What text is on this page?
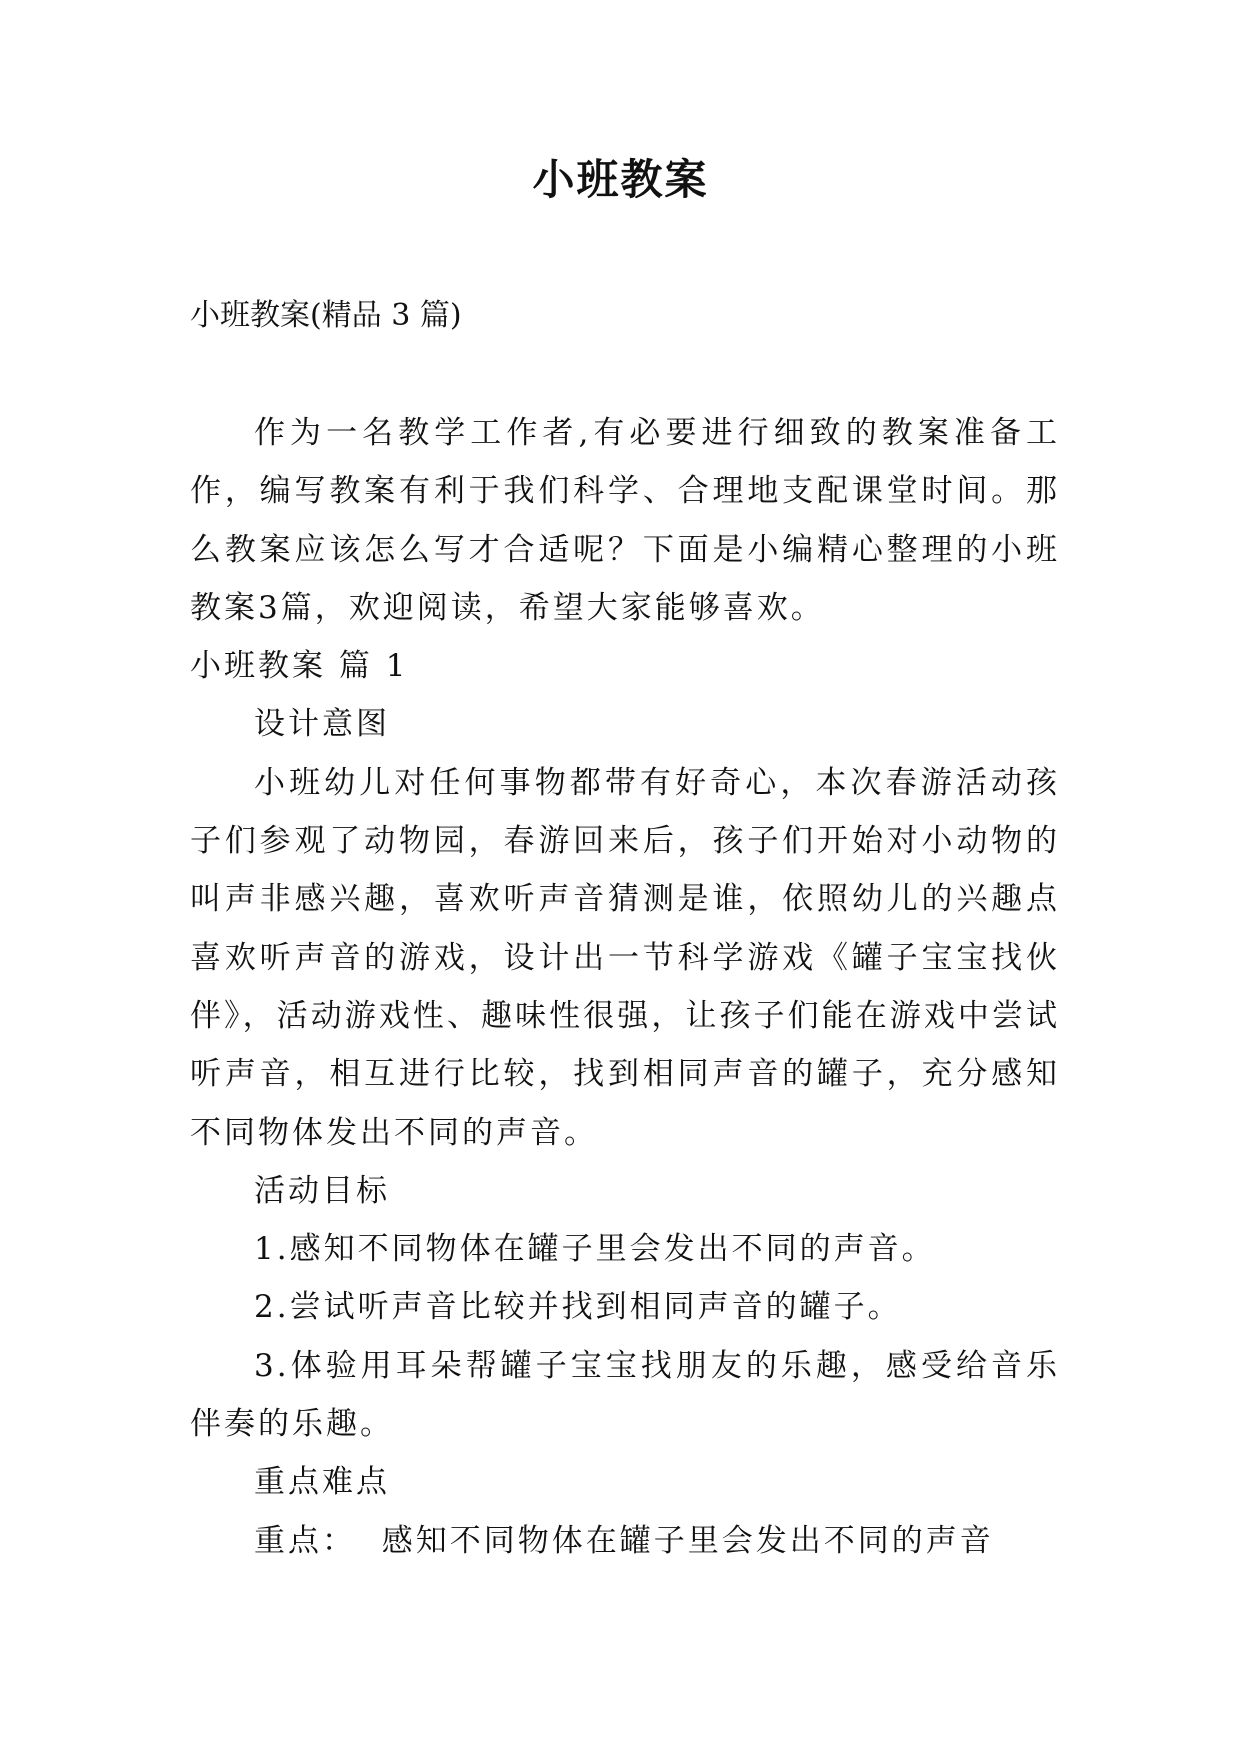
小班教案
小班教案(精品 3 篇)

作为一名教学工作者,有必要进行细致的教案准备工作，编写教案有利于我们科学、合理地支配课堂时间。那么教案应该怎么写才合适呢？下面是小编精心整理的小班教案3篇，欢迎阅读，希望大家能够喜欢。

小班教案 篇 1

设计意图

小班幼儿对任何事物都带有好奇心，本次春游活动孩子们参观了动物园，春游回来后，孩子们开始对小动物的叫声非感兴趣，喜欢听声音猜测是谁，依照幼儿的兴趣点喜欢听声音的游戏，设计出一节科学游戏《罐子宝宝找伙伴》，活动游戏性、趣味性很强，让孩子们能在游戏中尝试听声音，相互进行比较，找到相同声音的罐子，充分感知不同物体发出不同的声音。

活动目标

1.感知不同物体在罐子里会发出不同的声音。

2.尝试听声音比较并找到相同声音的罐子。

3.体验用耳朵帮罐子宝宝找朋友的乐趣，感受给音乐伴奏的乐趣。

重点难点

重点：  感知不同物体在罐子里会发出不同的声音
